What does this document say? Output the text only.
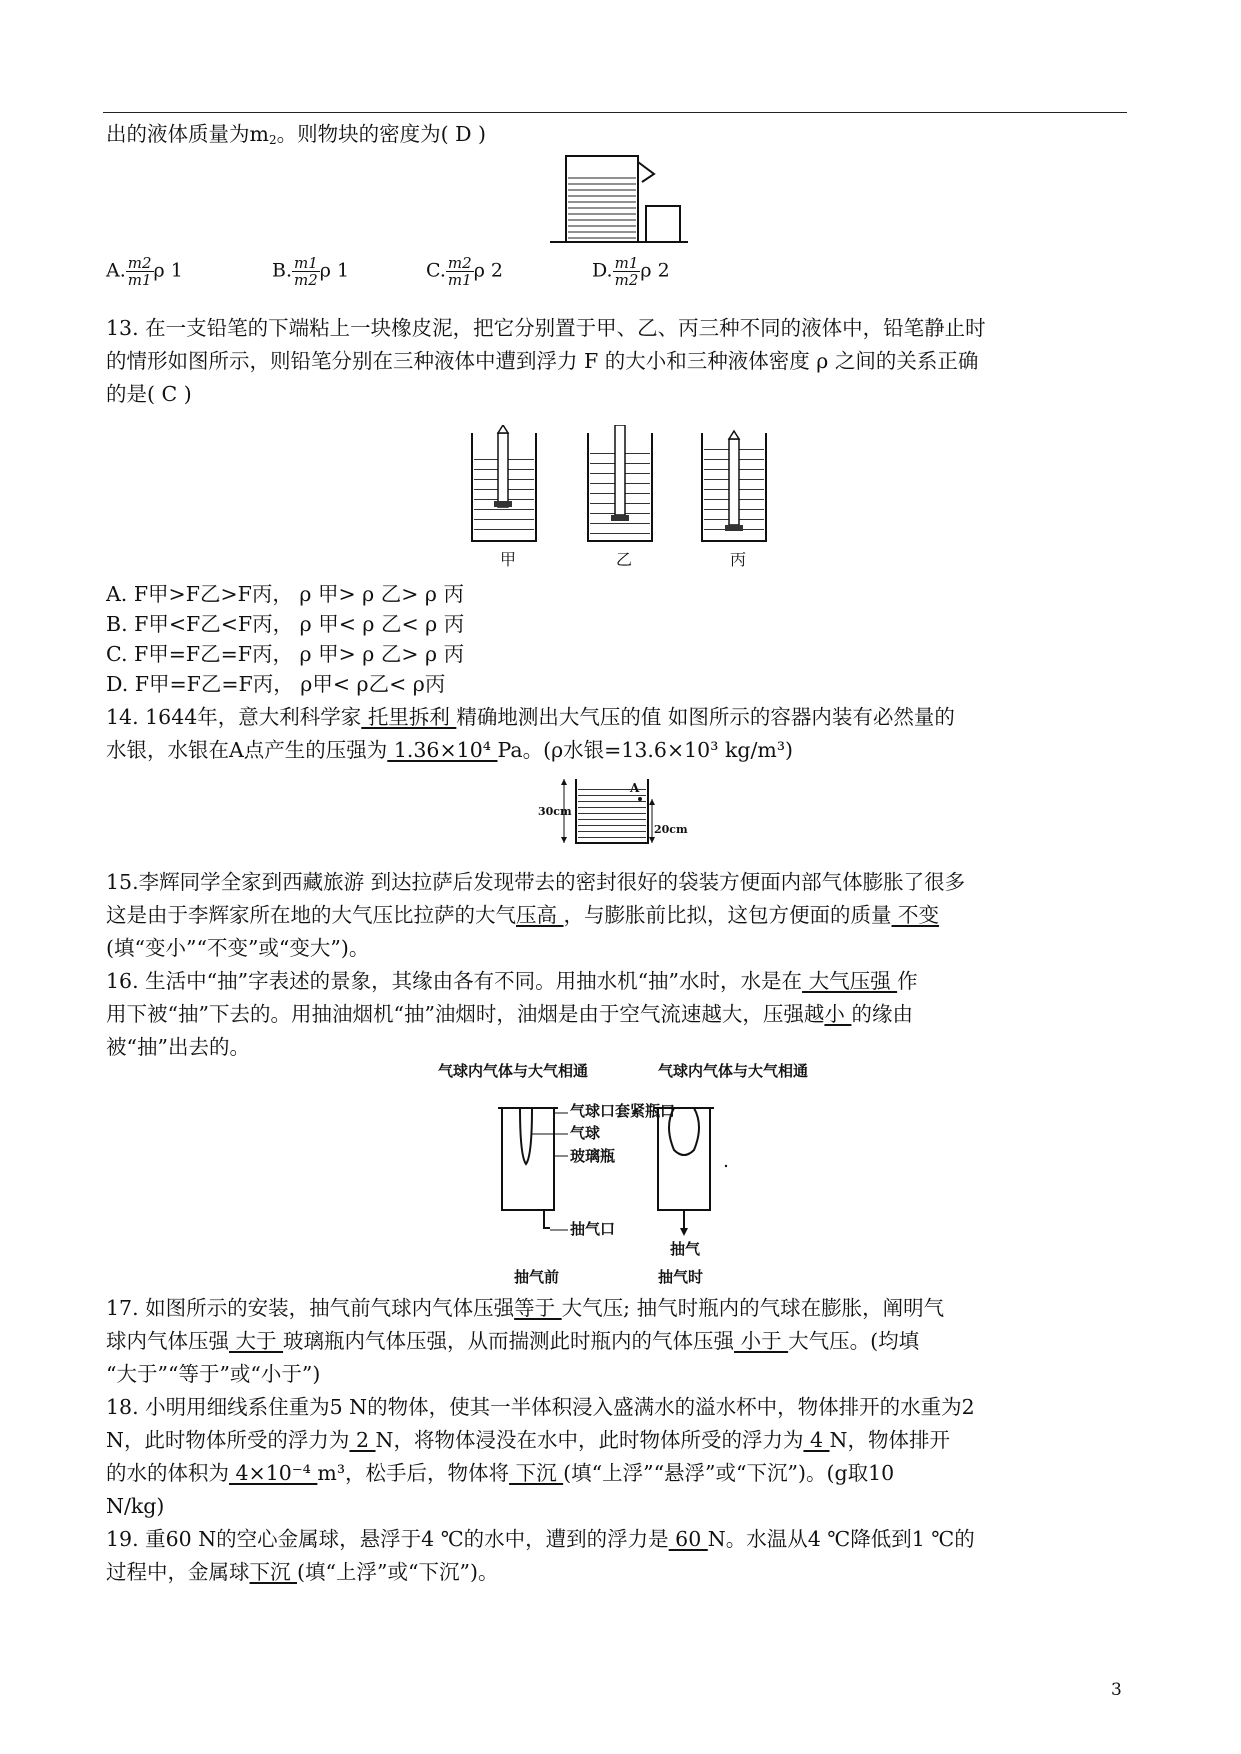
出的液体质量为$m_2$。则物块的密度为( D )
A. $\frac{m2}{m1}$ ρ 1	B. $\frac{m1}{m2}$ ρ 1	C. $\frac{m2}{m1}$ ρ 2	D. $\frac{m1}{m2}$ ρ 2
13. 在一支铅笔的下端粘上一块橡皮泥，把它分别置于甲、乙、丙三种不同的液体中，铅笔静止时
的情形如图所示，则铅笔分别在三种液体中遭到浮力 F 的大小和三种液体密度 ρ 之间的关系正确
的是( C )
甲	乙	丙
A. F甲>F乙>F丙， ρ 甲> ρ 乙> ρ 丙
B. F甲<F乙<F丙， ρ 甲< ρ 乙< ρ 丙
C. F甲=F乙=F丙， ρ 甲> ρ 乙> ρ 丙
D. F甲=F乙=F丙， ρ甲< ρ乙< ρ丙
14. 1644年，意大利科学家 托里拆利 精确地测出大气压的值 如图所示的容器内装有必然量的
水银，水银在A点产生的压强为 1.36×10⁴ Pa。(ρ水银=13.6×10³ kg/m³)
A
30cm
20cm
15.李辉同学全家到西藏旅游 到达拉萨后发现带去的密封很好的袋装方便面内部气体膨胀了很多
这是由于李辉家所在地的大气压比拉萨的大气压高 ，与膨胀前比拟，这包方便面的质量 不变
(填“变小”“不变”或“变大”)。
16. 生活中“抽”字表述的景象，其缘由各有不同。用抽水机“抽”水时，水是在 大气压强 作
用下被“抽”下去的。用抽油烟机“抽”油烟时，油烟是由于空气流速越大，压强越小 的缘由
被“抽”出去的。
气球内气体与大气相通	气球内气体与大气相通
气球口套紧瓶口
气球
玻璃瓶
抽气口
抽气
抽气前	抽气时
17. 如图所示的安装，抽气前气球内气体压强等于 大气压; 抽气时瓶内的气球在膨胀，阐明气
球内气体压强 大于 玻璃瓶内气体压强，从而揣测此时瓶内的气体压强 小于 大气压。(均填
“大于”“等于”或“小于”)
18. 小明用细线系住重为5 N的物体，使其一半体积浸入盛满水的溢水杯中，物体排开的水重为2
N，此时物体所受的浮力为 2 N，将物体浸没在水中，此时物体所受的浮力为 4 N，物体排开
的水的体积为 4×10⁻⁴ m³，松手后，物体将 下沉 (填“上浮”“悬浮”或“下沉”)。(g取10
N/kg)
19. 重60 N的空心金属球，悬浮于4 ℃的水中，遭到的浮力是 60 N。水温从4 ℃降低到1 ℃的
过程中，金属球下沉 (填“上浮”或“下沉”)。
3
